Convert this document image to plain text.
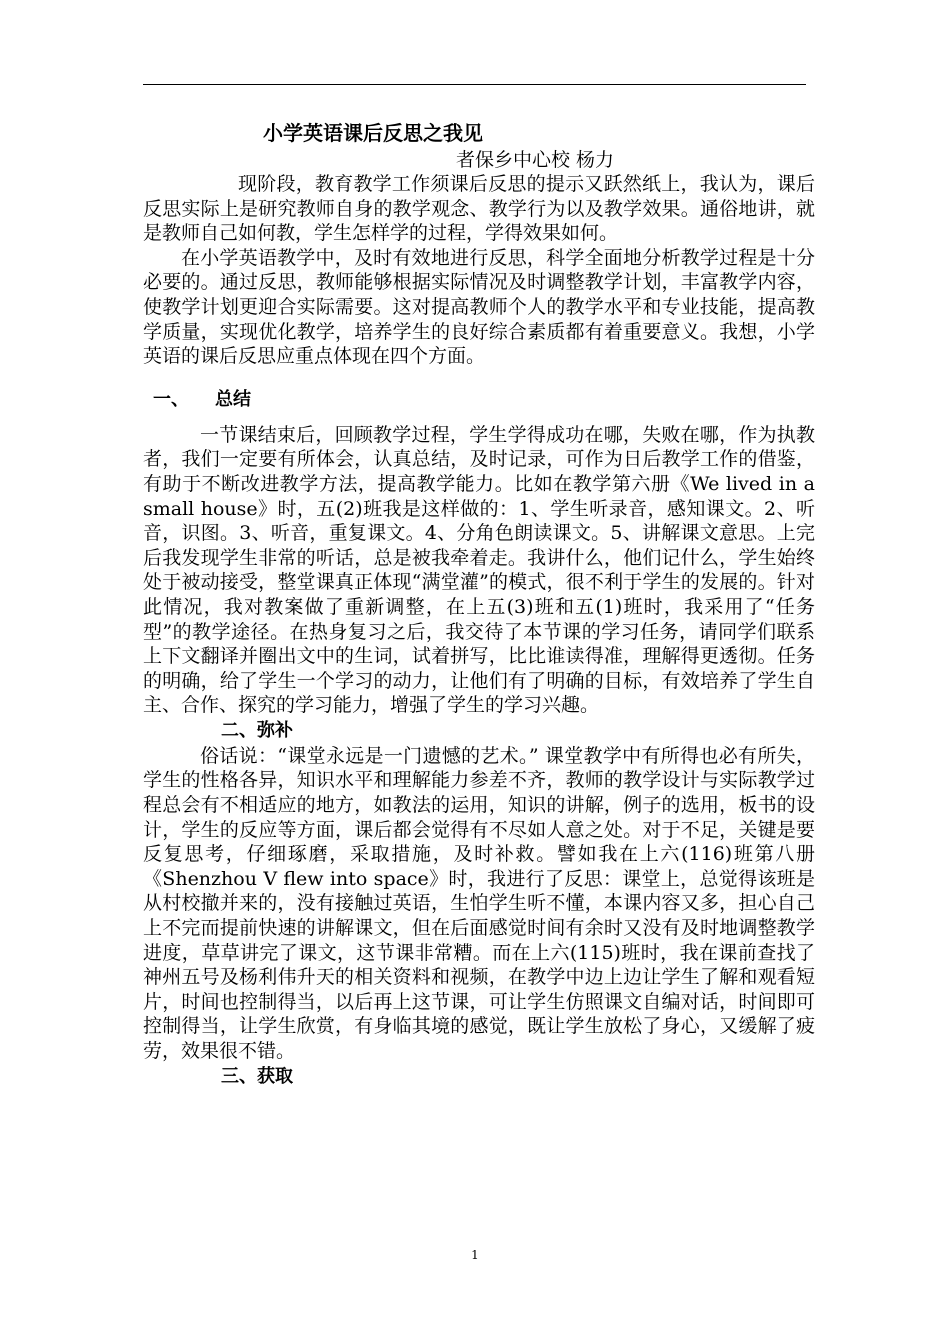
小学英语课后反思之我见
者保乡中心校 杨力

现阶段，教育教学工作须课后反思的提示又跃然纸上，我认为，课后反思实际上是研究教师自身的教学观念、教学行为以及教学效果。通俗地讲，就是教师自己如何教，学生怎样学的过程，学得效果如何。

在小学英语教学中，及时有效地进行反思，科学全面地分析教学过程是十分必要的。通过反思，教师能够根据实际情况及时调整教学计划，丰富教学内容，使教学计划更迎合实际需要。这对提高教师个人的教学水平和专业技能，提高教学质量，实现优化教学，培养学生的良好综合素质都有着重要意义。我想，小学英语的课后反思应重点体现在四个方面。

一、 总结

一节课结束后，回顾教学过程，学生学得成功在哪，失败在哪，作为执教者，我们一定要有所体会，认真总结，及时记录，可作为日后教学工作的借鉴，有助于不断改进教学方法，提高教学能力。比如在教学第六册《We lived in a small house》时，五(2)班我是这样做的：1、学生听录音，感知课文。2、听音，识图。3、听音，重复课文。4、分角色朗读课文。5、讲解课文意思。上完后我发现学生非常的听话，总是被我牵着走。我讲什么，他们记什么，学生始终处于被动接受，整堂课真正体现“满堂灌”的模式，很不利于学生的发展的。针对此情况，我对教案做了重新调整，在上五(3)班和五(1)班时，我采用了“任务型”的教学途径。在热身复习之后，我交待了本节课的学习任务，请同学们联系上下文翻译并圈出文中的生词，试着拼写，比比谁读得准，理解得更透彻。任务的明确，给了学生一个学习的动力，让他们有了明确的目标，有效培养了学生自主、合作、探究的学习能力，增强了学生的学习兴趣。

二、弥补

俗话说：“课堂永远是一门遗憾的艺术。” 课堂教学中有所得也必有所失，学生的性格各异，知识水平和理解能力参差不齐，教师的教学设计与实际教学过程总会有不相适应的地方，如教法的运用，知识的讲解，例子的选用，板书的设计，学生的反应等方面，课后都会觉得有不尽如人意之处。对于不足，关键是要反复思考，仔细琢磨，采取措施，及时补救。譬如我在上六(116)班第八册《Shenzhou V flew into space》时，我进行了反思：课堂上，总觉得该班是从村校撤并来的，没有接触过英语，生怕学生听不懂，本课内容又多，担心自己上不完而提前快速的讲解课文，但在后面感觉时间有余时又没有及时地调整教学进度，草草讲完了课文，这节课非常糟。而在上六(115)班时，我在课前查找了神州五号及杨利伟升天的相关资料和视频，在教学中边上边让学生了解和观看短片，时间也控制得当，以后再上这节课，可让学生仿照课文自编对话，时间即可控制得当，让学生欣赏，有身临其境的感觉，既让学生放松了身心，又缓解了疲劳，效果很不错。

三、获取
1
